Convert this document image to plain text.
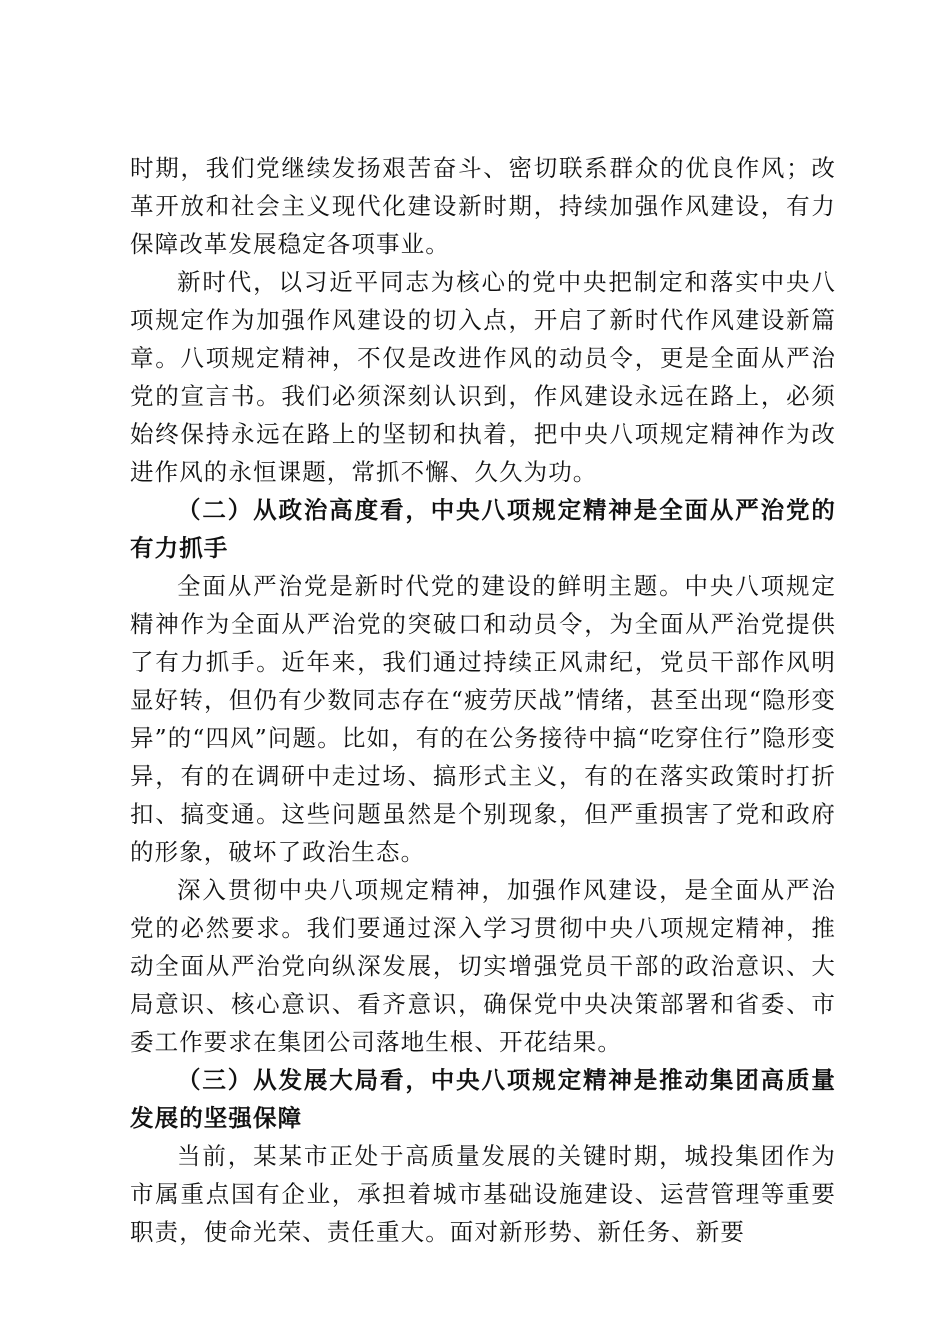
时期，我们党继续发扬艰苦奋斗、密切联系群众的优良作风；改革开放和社会主义现代化建设新时期，持续加强作风建设，有力保障改革发展稳定各项事业。

新时代，以习近平同志为核心的党中央把制定和落实中央八项规定作为加强作风建设的切入点，开启了新时代作风建设新篇章。八项规定精神，不仅是改进作风的动员令，更是全面从严治党的宣言书。我们必须深刻认识到，作风建设永远在路上，必须始终保持永远在路上的坚韧和执着，把中央八项规定精神作为改进作风的永恒课题，常抓不懈、久久为功。

（二）从政治高度看，中央八项规定精神是全面从严治党的有力抓手

全面从严治党是新时代党的建设的鲜明主题。中央八项规定精神作为全面从严治党的突破口和动员令，为全面从严治党提供了有力抓手。近年来，我们通过持续正风肃纪，党员干部作风明显好转，但仍有少数同志存在“疲劳厌战”情绪，甚至出现“隐形变异”的“四风”问题。比如，有的在公务接待中搞“吃穿住行”隐形变异，有的在调研中走过场、搞形式主义，有的在落实政策时打折扣、搞变通。这些问题虽然是个别现象，但严重损害了党和政府的形象，破坏了政治生态。

深入贯彻中央八项规定精神，加强作风建设，是全面从严治党的必然要求。我们要通过深入学习贯彻中央八项规定精神，推动全面从严治党向纵深发展，切实增强党员干部的政治意识、大局意识、核心意识、看齐意识，确保党中央决策部署和省委、市委工作要求在集团公司落地生根、开花结果。

（三）从发展大局看，中央八项规定精神是推动集团高质量发展的坚强保障

当前，某某市正处于高质量发展的关键时期，城投集团作为市属重点国有企业，承担着城市基础设施建设、运营管理等重要职责，使命光荣、责任重大。面对新形势、新任务、新要
